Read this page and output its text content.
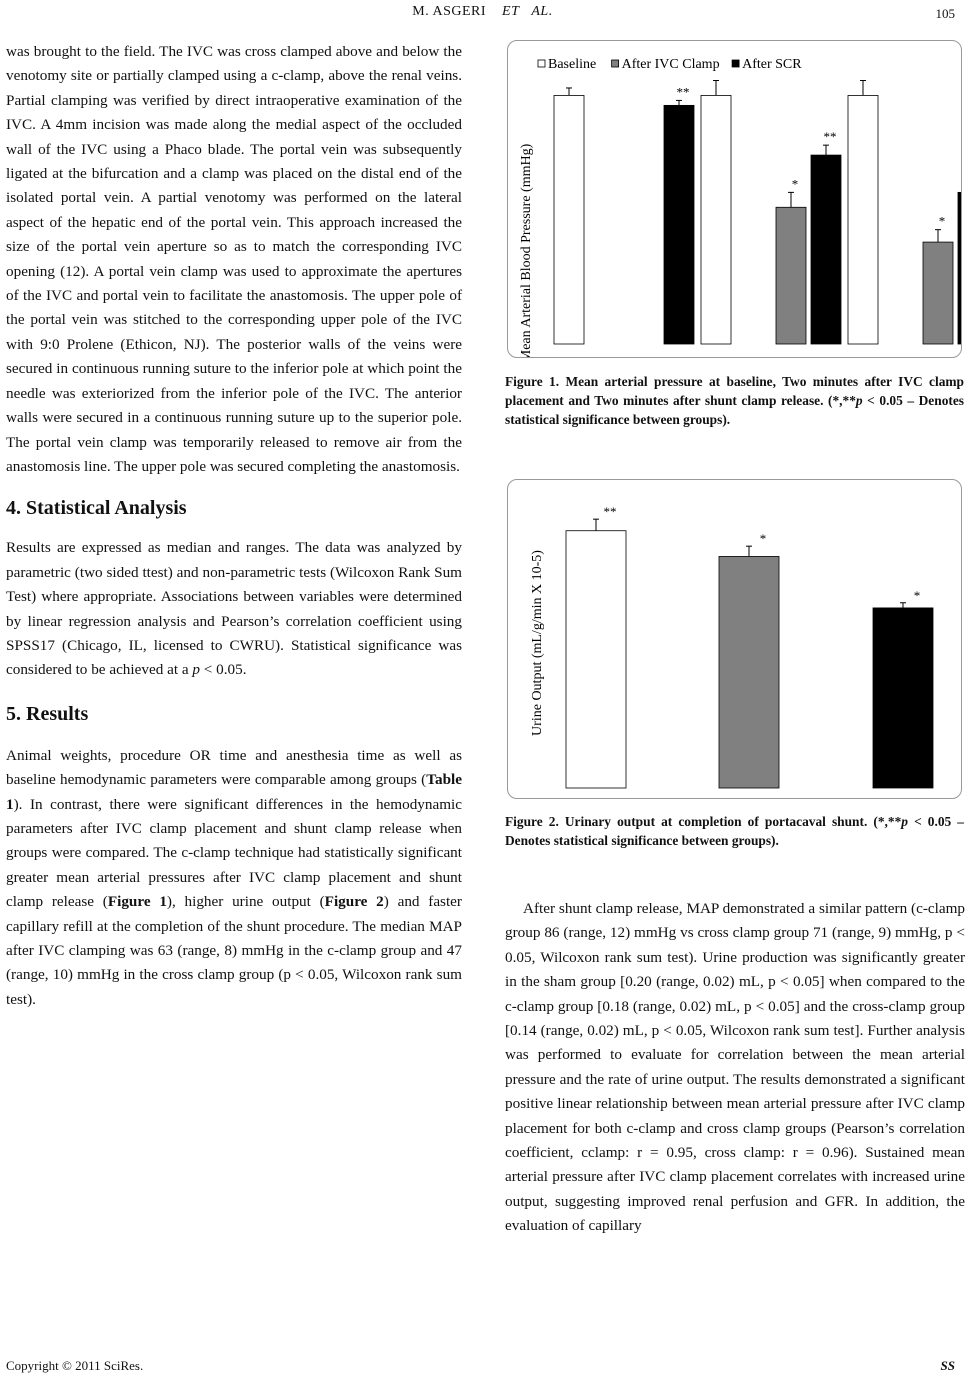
M. ASGERI ET AL.	105

was brought to the field. The IVC was cross clamped above and below the venotomy site or partially clamped using a c-clamp, above the renal veins. Partial clamping was verified by direct intraoperative examination of the IVC. A 4mm incision was made along the medial aspect of the occluded wall of the IVC using a Phaco blade. The portal vein was subsequently ligated at the bifurcation and a clamp was placed on the distal end of the isolated portal vein. A partial venotomy was performed on the lateral aspect of the hepatic end of the portal vein. This approach increased the size of the portal vein aperture so as to match the corresponding IVC opening (12). A portal vein clamp was used to approximate the apertures of the IVC and portal vein to facilitate the anastomosis. The upper pole of the portal vein was stitched to the corresponding upper pole of the IVC with 9:0 Prolene (Ethicon, NJ). The posterior walls of the veins were secured in continuous running suture to the inferior pole at which point the needle was exteriorized from the inferior pole of the IVC. The anterior walls were secured in a continuous running suture up to the superior pole. The portal vein clamp was temporarily released to remove air from the anastomosis line. The upper pole was secured completing the anastomosis.

4. Statistical Analysis

Results are expressed as median and ranges. The data was analyzed by parametric (two sided ttest) and non-parametric tests (Wilcoxon Rank Sum Test) where appropriate. Associations between variables were determined by linear regression analysis and Pearson’s correlation coefficient using SPSS17 (Chicago, IL, licensed to CWRU). Statistical significance was considered to be achieved at a p < 0.05.

5. Results

Animal weights, procedure OR time and anesthesia time as well as baseline hemodynamic parameters were comparable among groups (Table 1). In contrast, there were significant differences in the hemodynamic parameters after IVC clamp placement and shunt clamp release when groups were compared. The c-clamp technique had statistically significant greater mean arterial pressures after IVC clamp placement and shunt clamp release (Figure 1), higher urine output (Figure 2) and faster capillary refill at the completion of the shunt procedure. The median MAP after IVC clamping was 63 (range, 8) mmHg in the c-clamp group and 47 (range, 10) mmHg in the cross clamp group (p < 0.05, Wilcoxon rank sum test).

Mean Arterial Blood Pressure (mmHg)
Baseline After IVC Clamp After SCR
*
*
**
**
Figure 1. Mean arterial pressure at baseline, Two minutes after IVC clamp placement and Two minutes after shunt clamp release. (*,**p < 0.05 – Denotes statistical significance between groups).
Urine Output (mL/g/min X 10-5)
**
*
*
Figure 2. Urinary output at completion of portacaval shunt. (*,**p < 0.05 – Denotes statistical significance between groups).

After shunt clamp release, MAP demonstrated a similar pattern (c-clamp group 86 (range, 12) mmHg vs cross clamp group 71 (range, 9) mmHg, p < 0.05, Wilcoxon rank sum test). Urine production was significantly greater in the sham group [0.20 (range, 0.02) mL, p < 0.05] when compared to the c-clamp group [0.18 (range, 0.02) mL, p < 0.05] and the cross-clamp group [0.14 (range, 0.02) mL, p < 0.05, Wilcoxon rank sum test]. Further analysis was performed to evaluate for correlation between the mean arterial pressure and the rate of urine output. The results demonstrated a significant positive linear relationship between mean arterial pressure after IVC clamp placement for both c-clamp and cross clamp groups (Pearson’s correlation coefficient, cclamp: r = 0.95, cross clamp: r = 0.96). Sustained mean arterial pressure after IVC clamp placement correlates with increased urine output, suggesting improved renal perfusion and GFR. In addition, the evaluation of capillary

Copyright © 2011 SciRes.	SS
